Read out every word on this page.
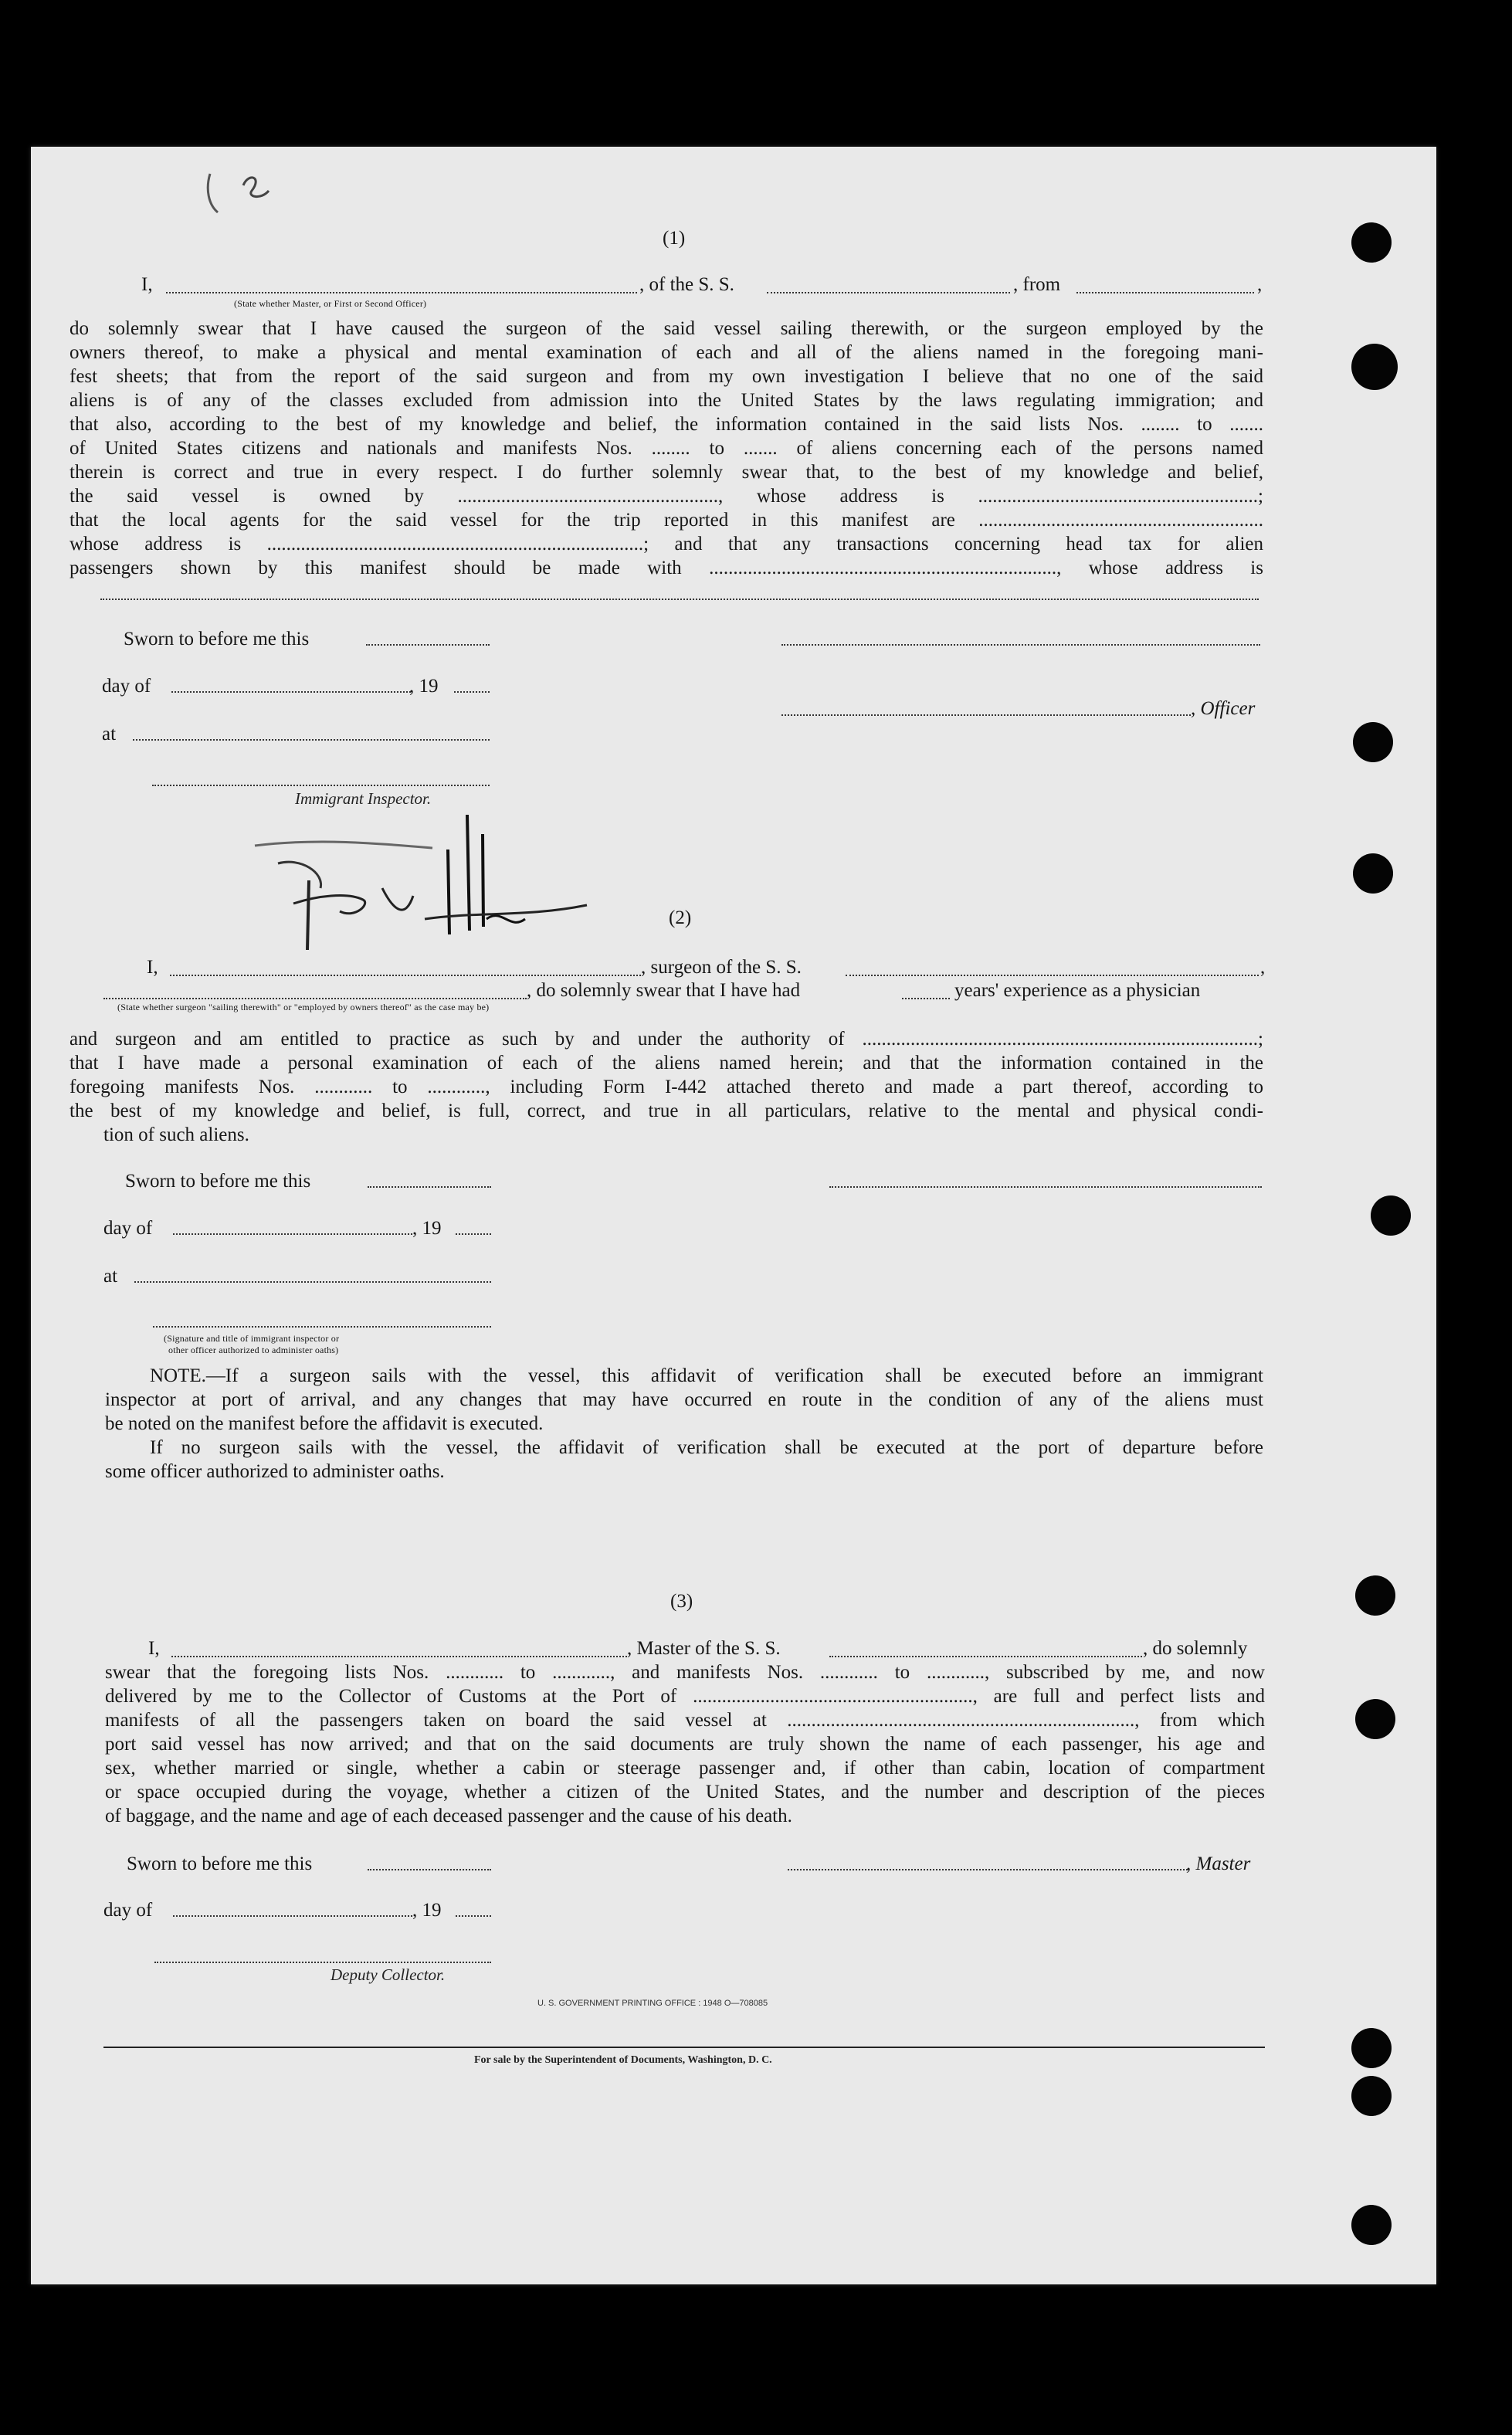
(1)
I,	, of the S. S.	, from	,
(State whether Master, or First or Second Officer)
do solemnly swear that I have caused the surgeon of the said vessel sailing therewith, or the surgeon employed by the
owners thereof, to make a physical and mental examination of each and all of the aliens named in the foregoing mani-
fest sheets; that from the report of the said surgeon and from my own investigation I believe that no one of the said
aliens is of any of the classes excluded from admission into the United States by the laws regulating immigration; and
that also, according to the best of my knowledge and belief, the information contained in the said lists Nos. ........ to .......
of United States citizens and nationals and manifests Nos. ........ to ....... of aliens concerning each of the persons named
therein is correct and true in every respect. I do further solemnly swear that, to the best of my knowledge and belief,
the said vessel is owned by ......................................................, whose address is ..........................................................;
that the local agents for the said vessel for the trip reported in this manifest are ...........................................................
whose address is ..............................................................................; and that any transactions concerning head tax for alien
passengers shown by this manifest should be made with ........................................................................, whose address is
Sworn to before me this
day of	, 19
, Officer
at
Immigrant Inspector.
(2)
I,	, surgeon of the S. S.	,
, do solemnly swear that I have had	years' experience as a physician
(State whether surgeon "sailing therewith" or "employed by owners thereof" as the case may be)
and surgeon and am entitled to practice as such by and under the authority of ..................................................................................;
that I have made a personal examination of each of the aliens named herein; and that the information contained in the
foregoing manifests Nos. ............ to ............, including Form I-442 attached thereto and made a part thereof, according to
the best of my knowledge and belief, is full, correct, and true in all particulars, relative to the mental and physical condi-
tion of such aliens.
Sworn to before me this
day of	, 19
at
(Signature and title of immigrant inspector or
other officer authorized to administer oaths)
NOTE.—If a surgeon sails with the vessel, this affidavit of verification shall be executed before an immigrant
inspector at port of arrival, and any changes that may have occurred en route in the condition of any of the aliens must
be noted on the manifest before the affidavit is executed.
If no surgeon sails with the vessel, the affidavit of verification shall be executed at the port of departure before
some officer authorized to administer oaths.
(3)
I,	, Master of the S. S.	, do solemnly
swear that the foregoing lists Nos. ............ to ............, and manifests Nos. ............ to ............, subscribed by me, and now
delivered by me to the Collector of Customs at the Port of .........................................................., are full and perfect lists and
manifests of all the passengers taken on board the said vessel at ........................................................................, from which
port said vessel has now arrived; and that on the said documents are truly shown the name of each passenger, his age and
sex, whether married or single, whether a cabin or steerage passenger and, if other than cabin, location of compartment
or space occupied during the voyage, whether a citizen of the United States, and the number and description of the pieces
of baggage, and the name and age of each deceased passenger and the cause of his death.
Sworn to before me this	, Master
day of	, 19
Deputy Collector.
U. S. GOVERNMENT PRINTING OFFICE : 1948 O—708085
For sale by the Superintendent of Documents, Washington, D. C.
